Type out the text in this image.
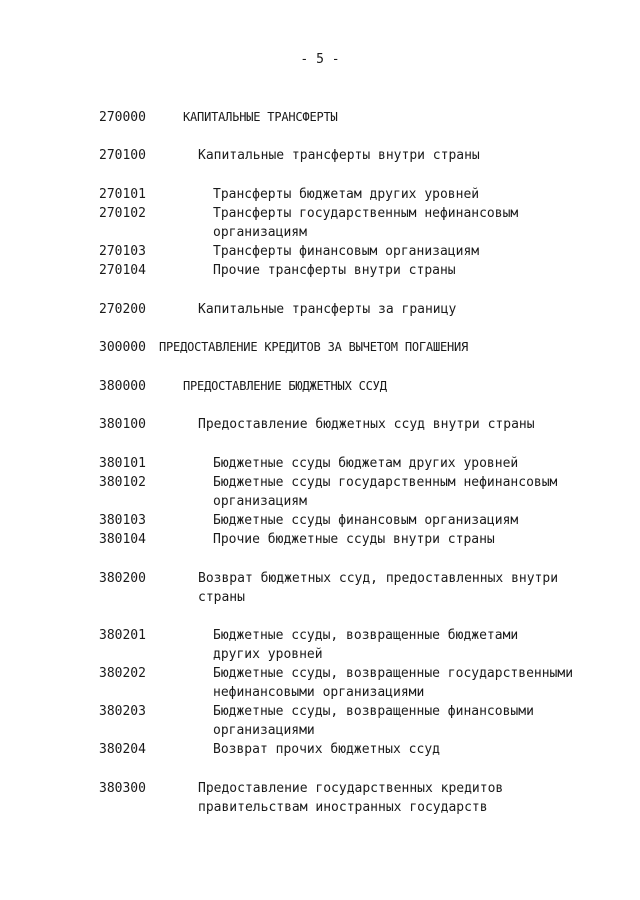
- 5 -
270000	КАПИТАЛЬНЫЕ ТРАНСФЕРТЫ
270100	Капитальные трансферты внутри страны
270101	Трансферты бюджетам других уровней
270102	Трансферты государственным нефинансовым
организациям
270103	Трансферты финансовым организациям
270104	Прочие трансферты внутри страны
270200	Капитальные трансферты за границу
300000 ПРЕДОСТАВЛЕНИЕ КРЕДИТОВ ЗА ВЫЧЕТОМ ПОГАШЕНИЯ
380000	ПРЕДОСТАВЛЕНИЕ БЮДЖЕТНЫХ ССУД
380100	Предоставление бюджетных ссуд внутри страны
380101	Бюджетные ссуды бюджетам других уровней
380102	Бюджетные ссуды государственным нефинансовым
организациям
380103	Бюджетные ссуды финансовым организациям
380104	Прочие бюджетные ссуды внутри страны
380200	Возврат бюджетных ссуд, предоставленных внутри
страны
380201	Бюджетные ссуды, возвращенные бюджетами
других уровней
380202	Бюджетные ссуды, возвращенные государственными
нефинансовыми организациями
380203	Бюджетные ссуды, возвращенные финансовыми
организациями
380204	Возврат прочих бюджетных ссуд
380300	Предоставление государственных кредитов
правительствам иностранных государств
